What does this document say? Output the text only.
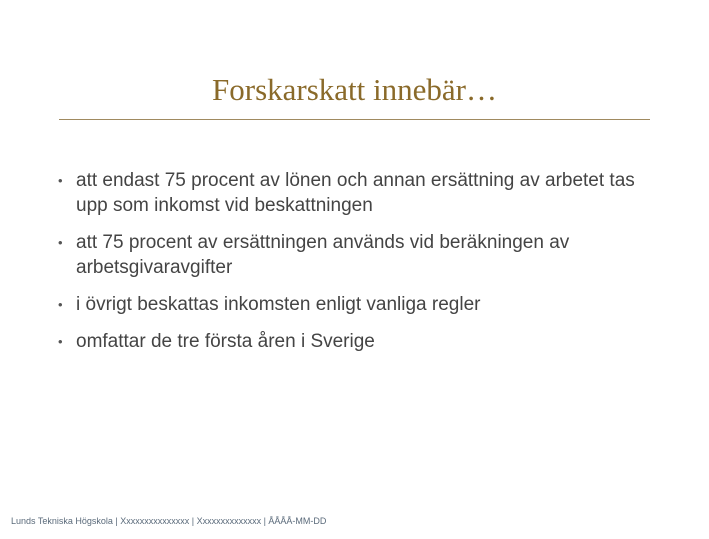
Forskarskatt innebär…
• att endast 75 procent av lönen och annan ersättning av arbetet tas upp som inkomst vid beskattningen
• att 75 procent av ersättningen används vid beräkningen av arbetsgivaravgifter
• i övrigt beskattas inkomsten enligt vanliga regler
• omfattar de tre första åren i Sverige
Lunds Tekniska Högskola | Xxxxxxxxxxxxxxx | Xxxxxxxxxxxxxx | ÅÅÅÅ-MM-DD
